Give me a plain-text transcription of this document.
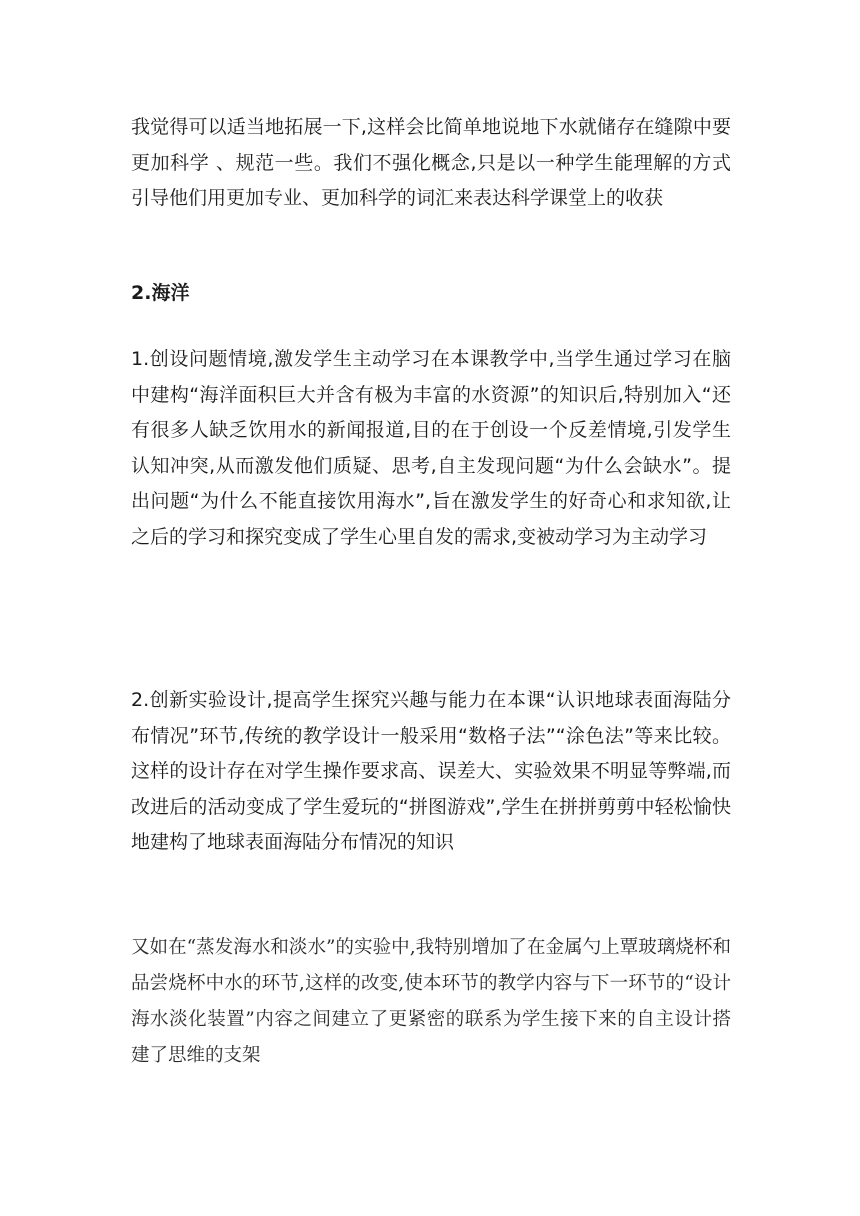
我觉得可以适当地拓展一下,这样会比简单地说地下水就储存在缝隙中要更加科学 、规范一些。我们不强化概念,只是以一种学生能理解的方式引导他们用更加专业、更加科学的词汇来表达科学课堂上的收获

2.海洋

1.创设问题情境,激发学生主动学习在本课教学中,当学生通过学习在脑中建构“海洋面积巨大并含有极为丰富的水资源”的知识后,特别加入“还有很多人缺乏饮用水的新闻报道,目的在于创设一个反差情境,引发学生认知冲突,从而激发他们质疑、思考,自主发现问题“为什么会缺水”。提出问题“为什么不能直接饮用海水”,旨在激发学生的好奇心和求知欲,让之后的学习和探究变成了学生心里自发的需求,变被动学习为主动学习

2.创新实验设计,提高学生探究兴趣与能力在本课“认识地球表面海陆分布情况”环节,传统的教学设计一般采用“数格子法”“涂色法”等来比较。这样的设计存在对学生操作要求高、误差大、实验效果不明显等弊端,而改进后的活动变成了学生爱玩的“拼图游戏”,学生在拼拼剪剪中轻松愉快地建构了地球表面海陆分布情况的知识

又如在“蒸发海水和淡水”的实验中,我特别增加了在金属勺上覃玻璃烧杯和品尝烧杯中水的环节,这样的改变,使本环节的教学内容与下一环节的“设计海水淡化装置”内容之间建立了更紧密的联系为学生接下来的自主设计搭建了思维的支架
